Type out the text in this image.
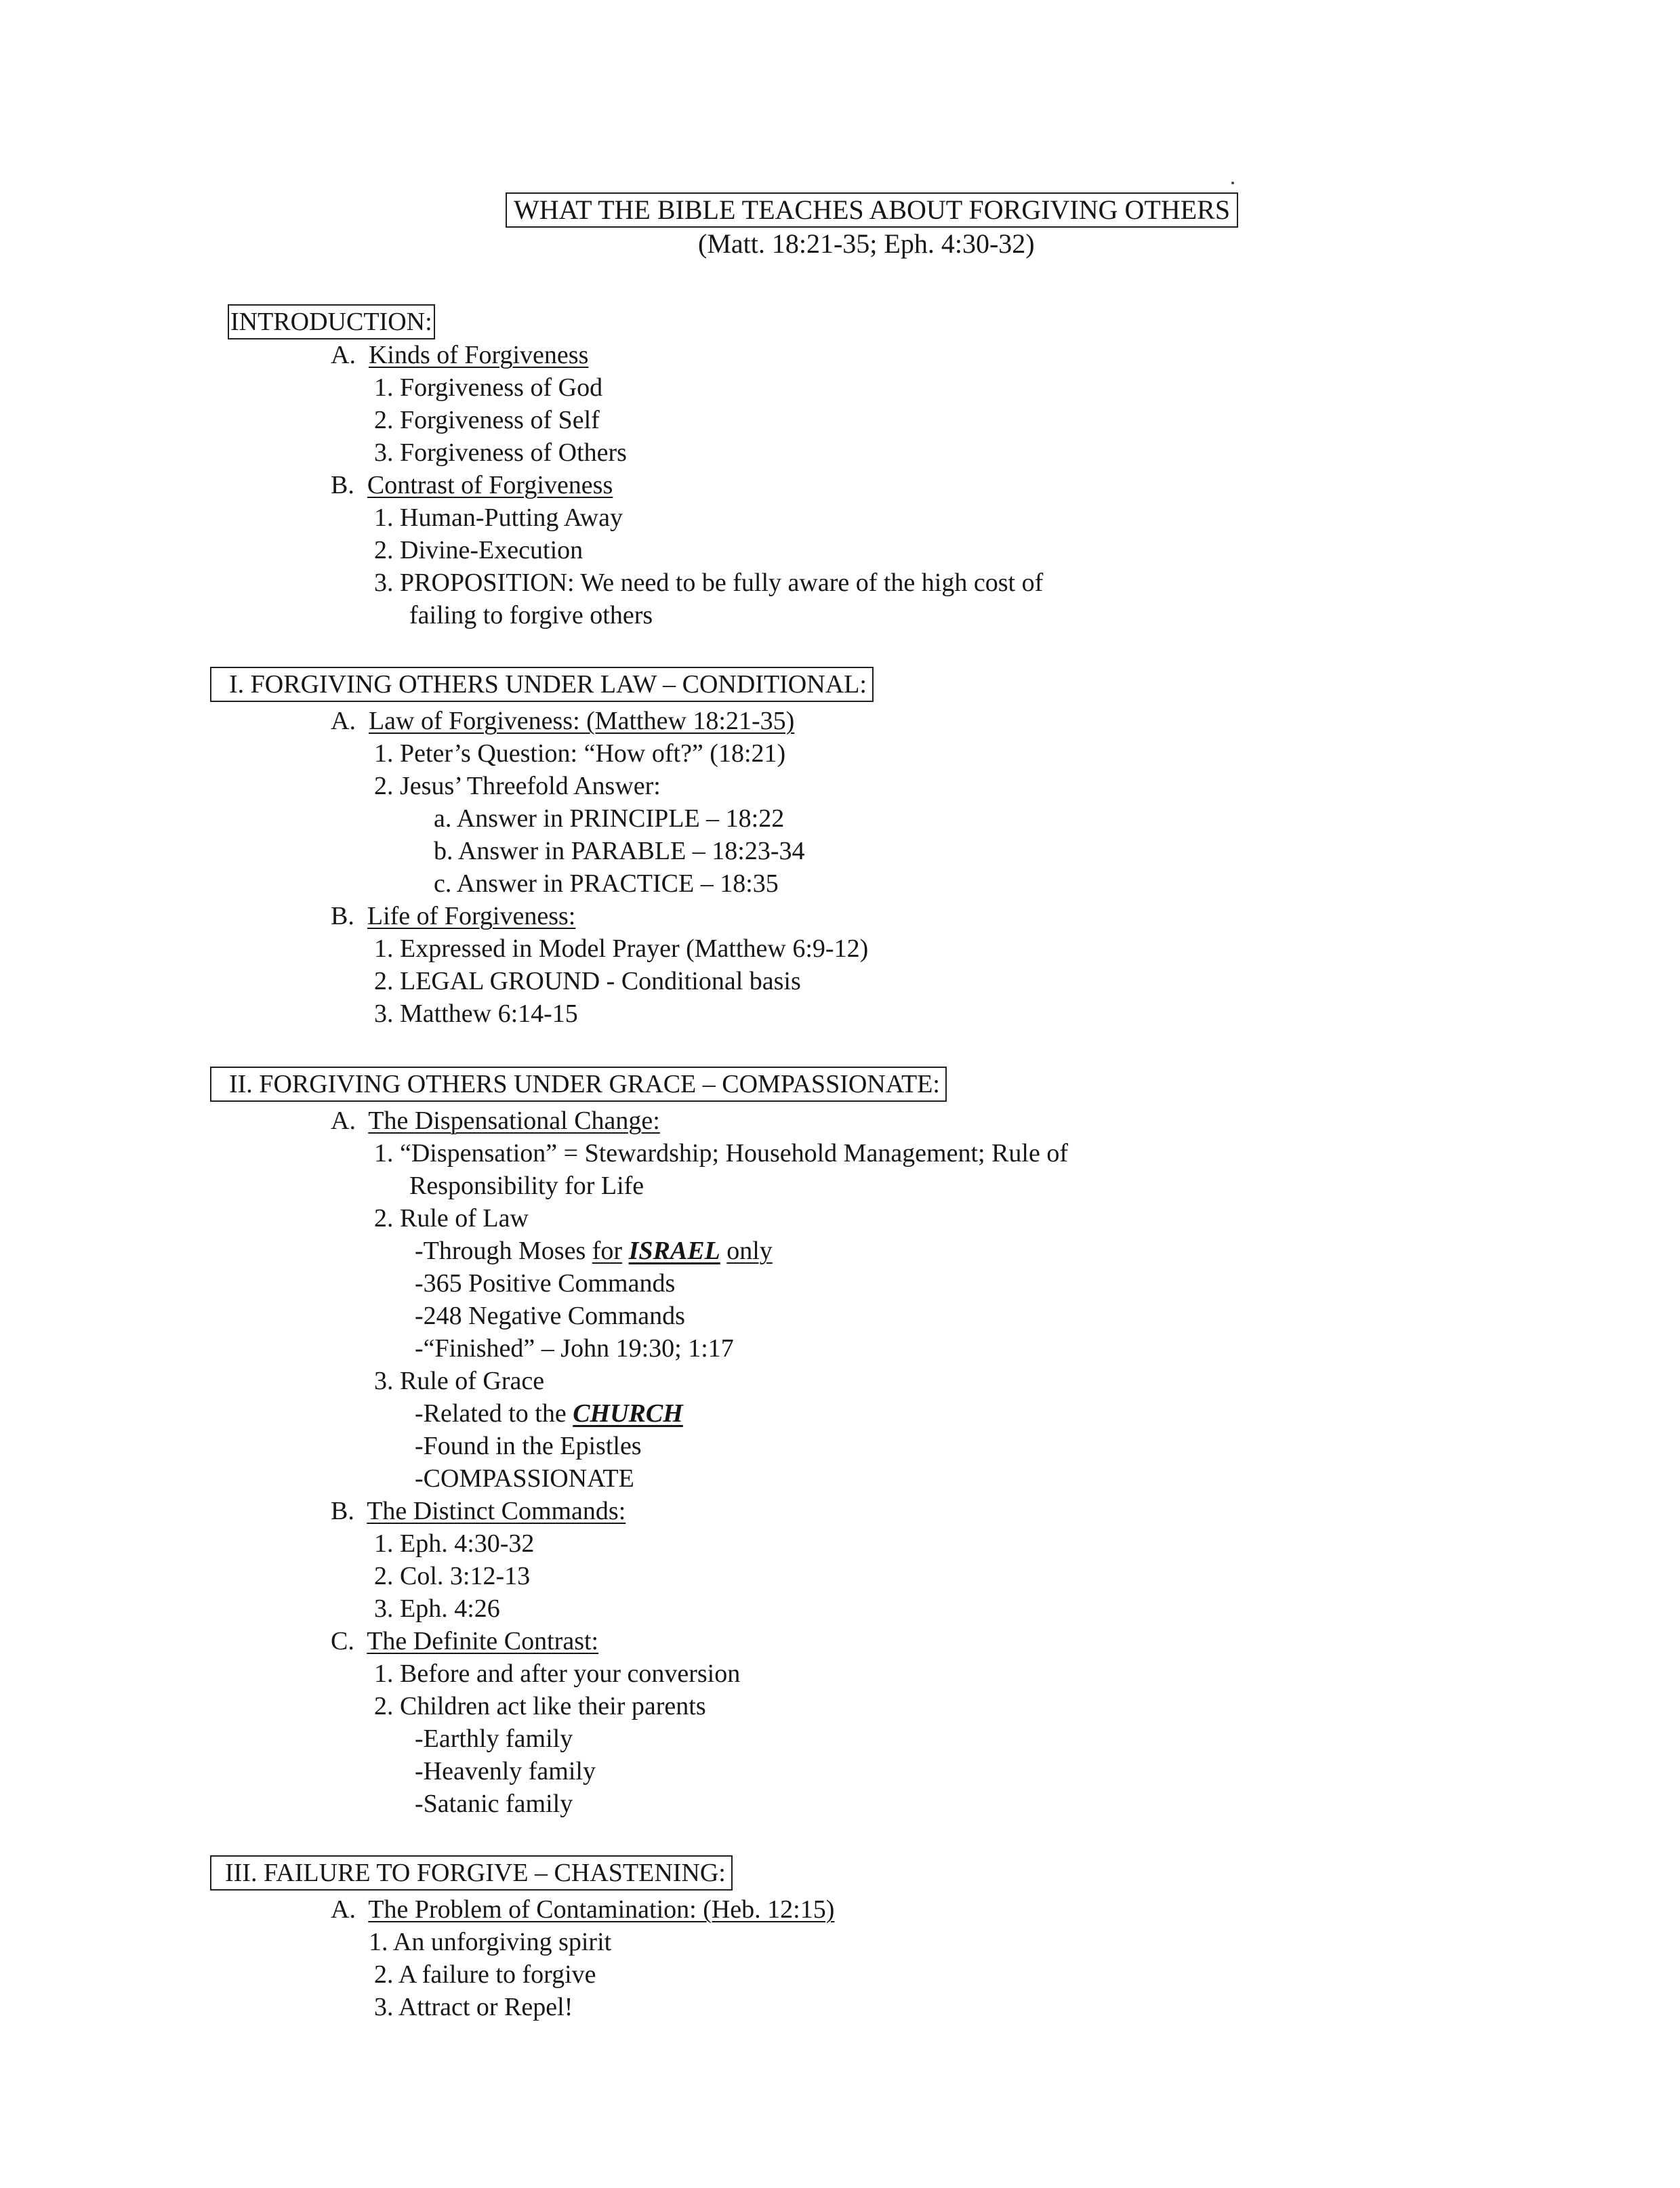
WHAT THE BIBLE TEACHES ABOUT FORGIVING OTHERS
(Matt. 18:21-35; Eph. 4:30-32)
INTRODUCTION:
A. Kinds of Forgiveness
1. Forgiveness of God
2. Forgiveness of Self
3. Forgiveness of Others
B. Contrast of Forgiveness
1. Human-Putting Away
2. Divine-Execution
3. PROPOSITION: We need to be fully aware of the high cost of
failing to forgive others
I. FORGIVING OTHERS UNDER LAW – CONDITIONAL:
A. Law of Forgiveness: (Matthew 18:21-35)
1. Peter’s Question: “How oft?” (18:21)
2. Jesus’ Threefold Answer:
a. Answer in PRINCIPLE – 18:22
b. Answer in PARABLE – 18:23-34
c. Answer in PRACTICE – 18:35
B. Life of Forgiveness:
1. Expressed in Model Prayer (Matthew 6:9-12)
2. LEGAL GROUND - Conditional basis
3. Matthew 6:14-15
II. FORGIVING OTHERS UNDER GRACE – COMPASSIONATE:
A. The Dispensational Change:
1. “Dispensation” = Stewardship; Household Management; Rule of
Responsibility for Life
2. Rule of Law
-Through Moses for ISRAEL only
-365 Positive Commands
-248 Negative Commands
-“Finished” – John 19:30; 1:17
3. Rule of Grace
-Related to the CHURCH
-Found in the Epistles
-COMPASSIONATE
B. The Distinct Commands:
1. Eph. 4:30-32
2. Col. 3:12-13
3. Eph. 4:26
C. The Definite Contrast:
1. Before and after your conversion
2. Children act like their parents
-Earthly family
-Heavenly family
-Satanic family
III. FAILURE TO FORGIVE – CHASTENING:
A. The Problem of Contamination: (Heb. 12:15)
1. An unforgiving spirit
2. A failure to forgive
3. Attract or Repel!
